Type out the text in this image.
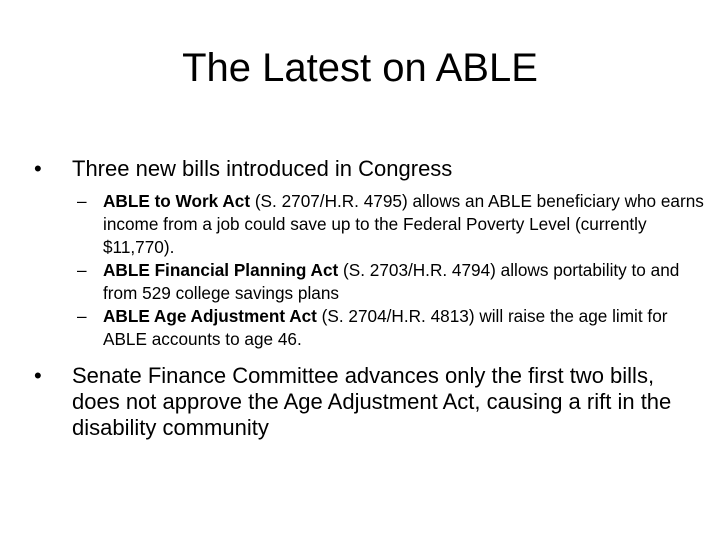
The Latest on ABLE
• Three new bills introduced in Congress
– ABLE to Work Act (S. 2707/H.R. 4795) allows an ABLE beneficiary who earns income from a job could save up to the Federal Poverty Level (currently $11,770).
– ABLE Financial Planning Act (S. 2703/H.R. 4794) allows portability to and from 529 college savings plans
– ABLE Age Adjustment Act (S. 2704/H.R. 4813) will raise the age limit for ABLE accounts to age 46.
• Senate Finance Committee advances only the first two bills, does not approve the Age Adjustment Act, causing a rift in the disability community
